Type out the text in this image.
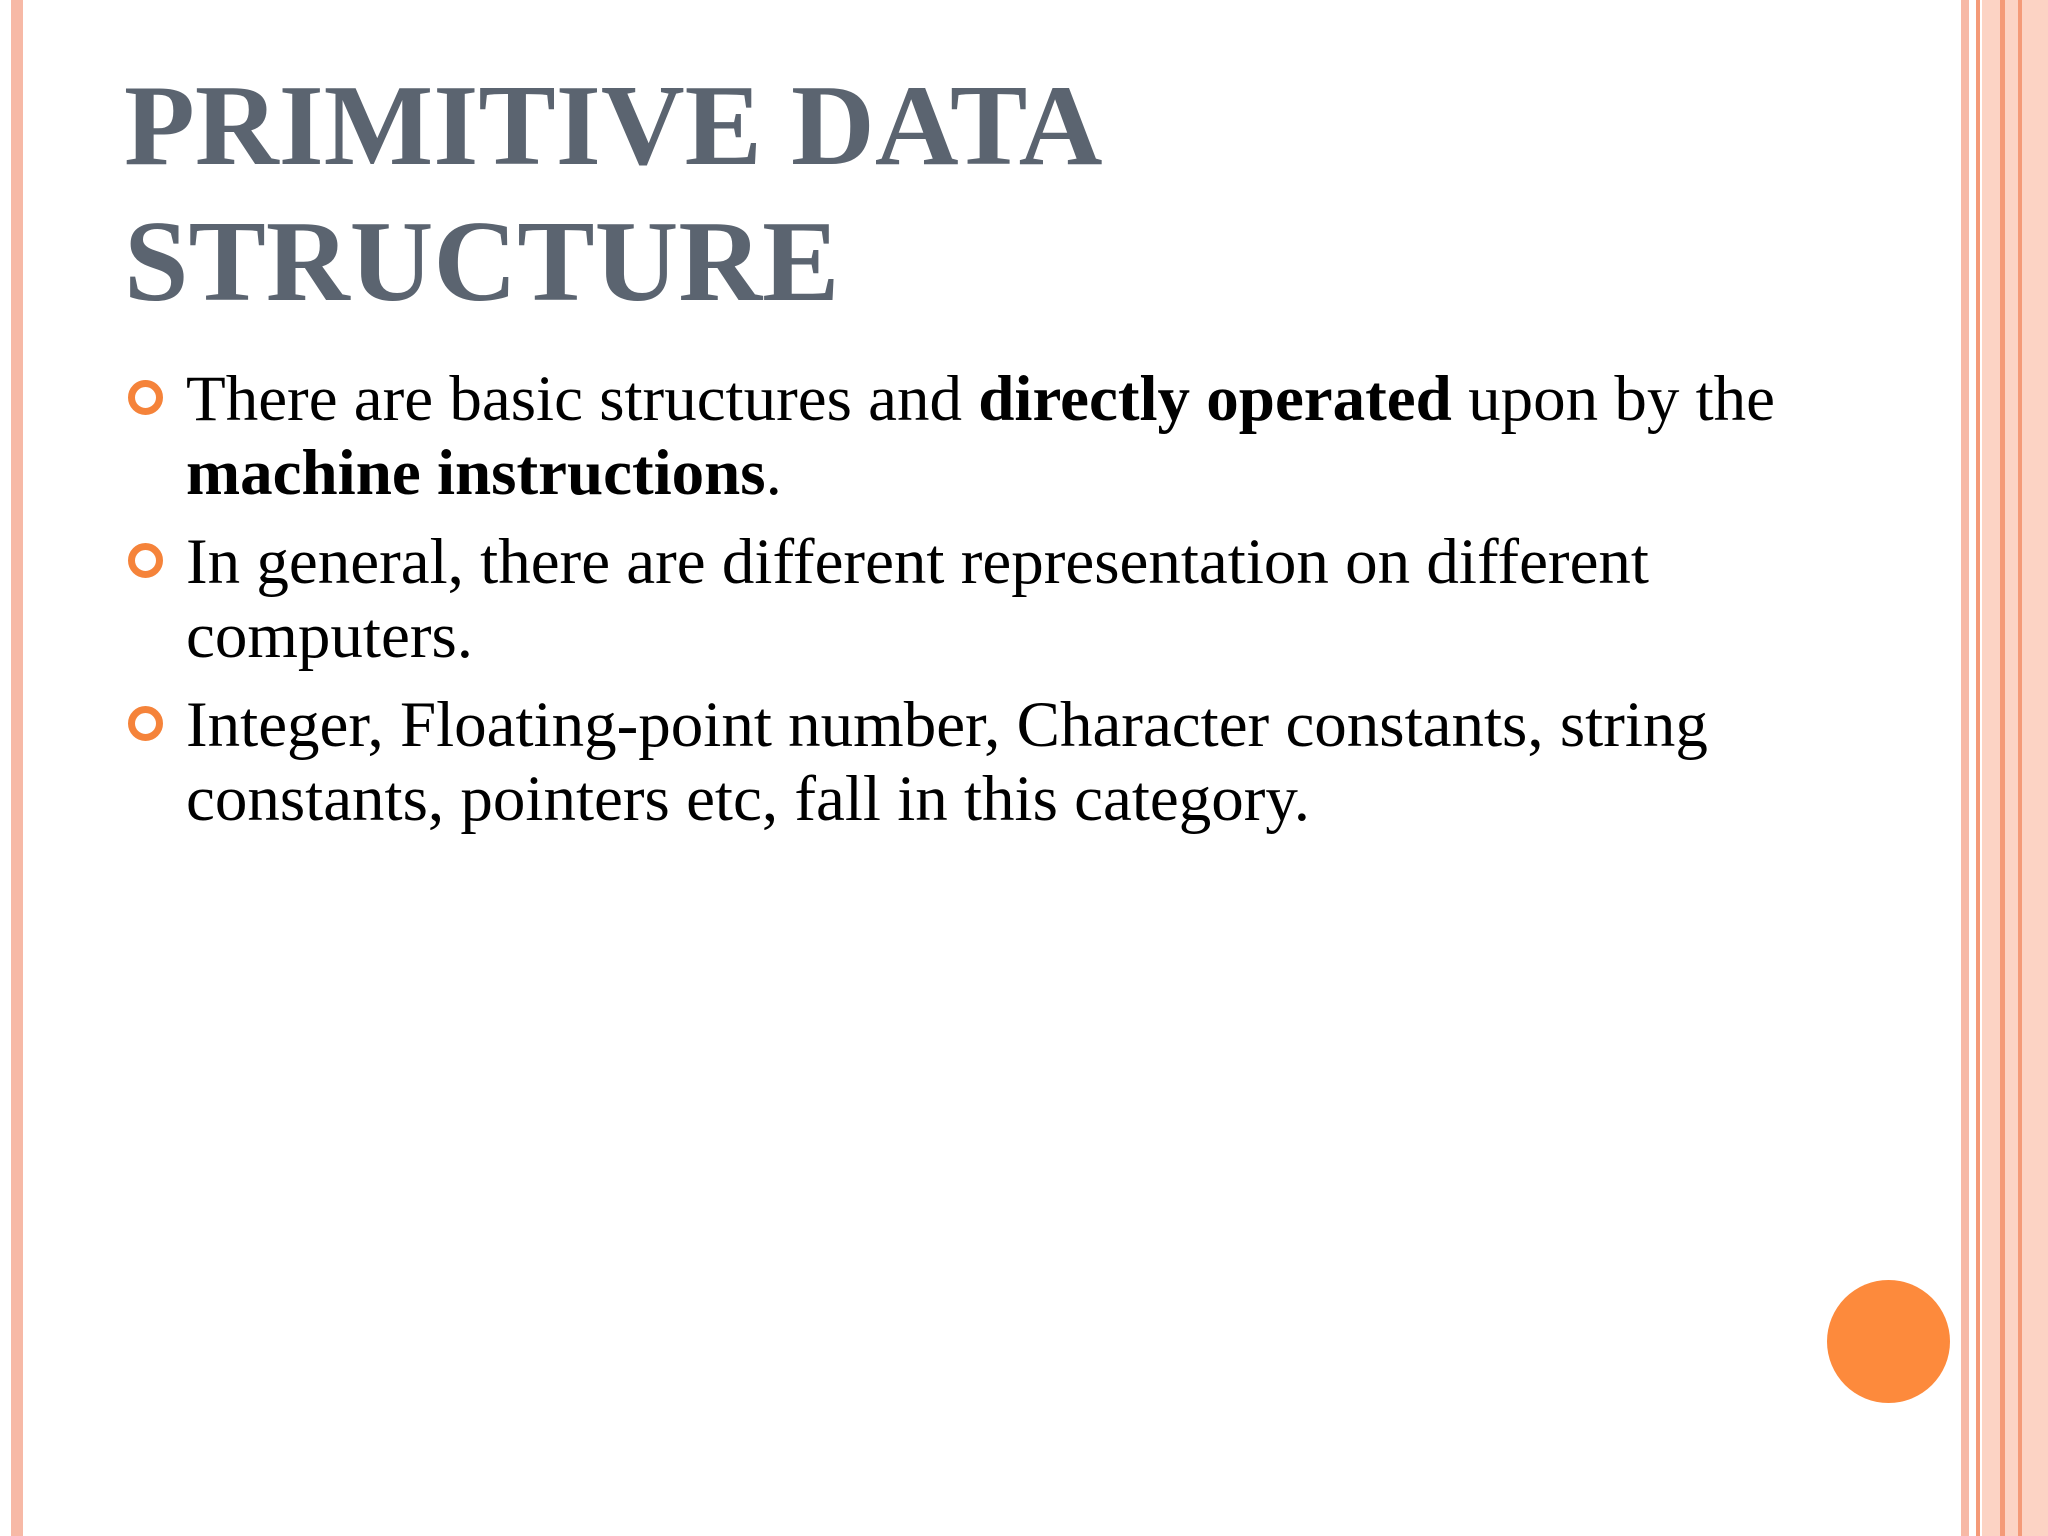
PRIMITIVE DATA
STRUCTURE
There are basic structures and directly operated upon by the machine instructions.
In general, there are different representation on different computers.
Integer, Floating-point number, Character constants, string constants, pointers etc, fall in this category.
